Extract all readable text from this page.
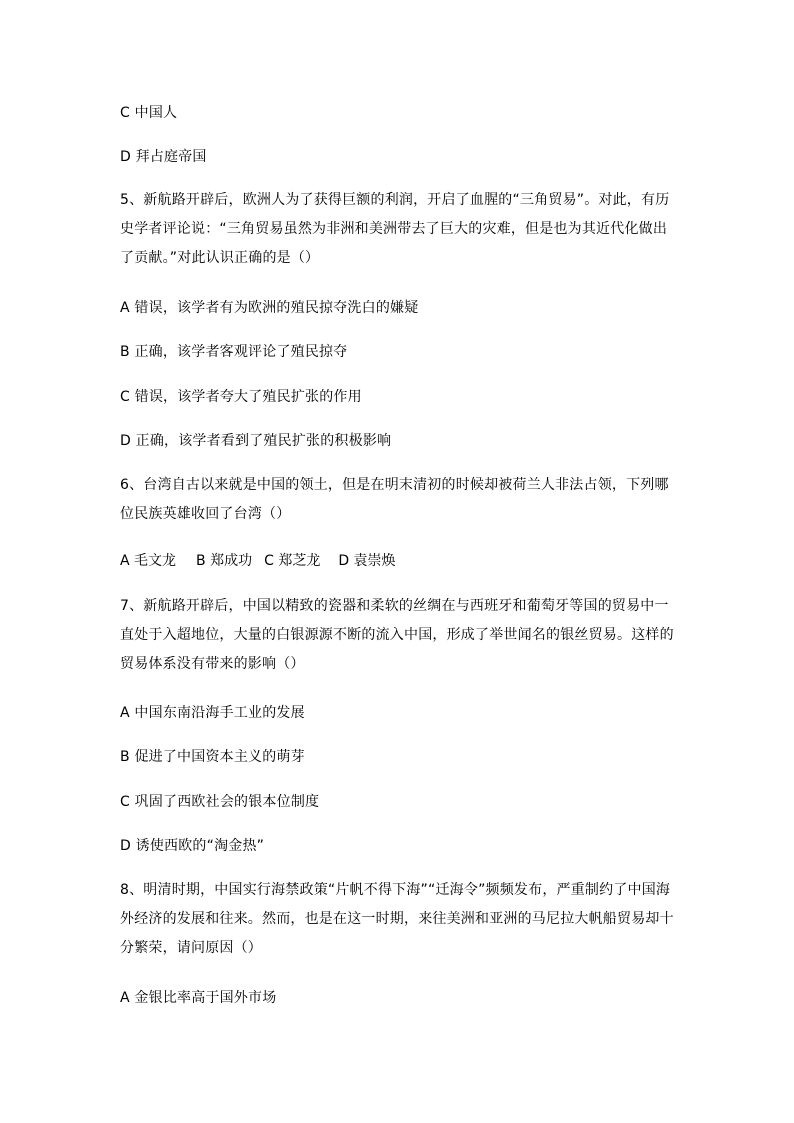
C 中国人
D 拜占庭帝国
5、新航路开辟后，欧洲人为了获得巨额的利润，开启了血腥的“三角贸易”。对此，有历史学者评论说：“三角贸易虽然为非洲和美洲带去了巨大的灾难，但是也为其近代化做出了贡献。”对此认识正确的是（）
A 错误，该学者有为欧洲的殖民掠夺洗白的嫌疑
B 正确，该学者客观评论了殖民掠夺
C 错误，该学者夸大了殖民扩张的作用
D 正确，该学者看到了殖民扩张的积极影响
6、台湾自古以来就是中国的领土，但是在明末清初的时候却被荷兰人非法占领，下列哪位民族英雄收回了台湾（）
A 毛文龙 B 郑成功 C 郑芝龙 D 袁崇焕
7、新航路开辟后，中国以精致的瓷器和柔软的丝绸在与西班牙和葡萄牙等国的贸易中一直处于入超地位，大量的白银源源不断的流入中国，形成了举世闻名的银丝贸易。这样的贸易体系没有带来的影响（）
A 中国东南沿海手工业的发展
B 促进了中国资本主义的萌芽
C 巩固了西欧社会的银本位制度
D 诱使西欧的“淘金热”
8、明清时期，中国实行海禁政策“片帆不得下海”“迁海令”频频发布，严重制约了中国海外经济的发展和往来。然而，也是在这一时期，来往美洲和亚洲的马尼拉大帆船贸易却十分繁荣，请问原因（）
A 金银比率高于国外市场
